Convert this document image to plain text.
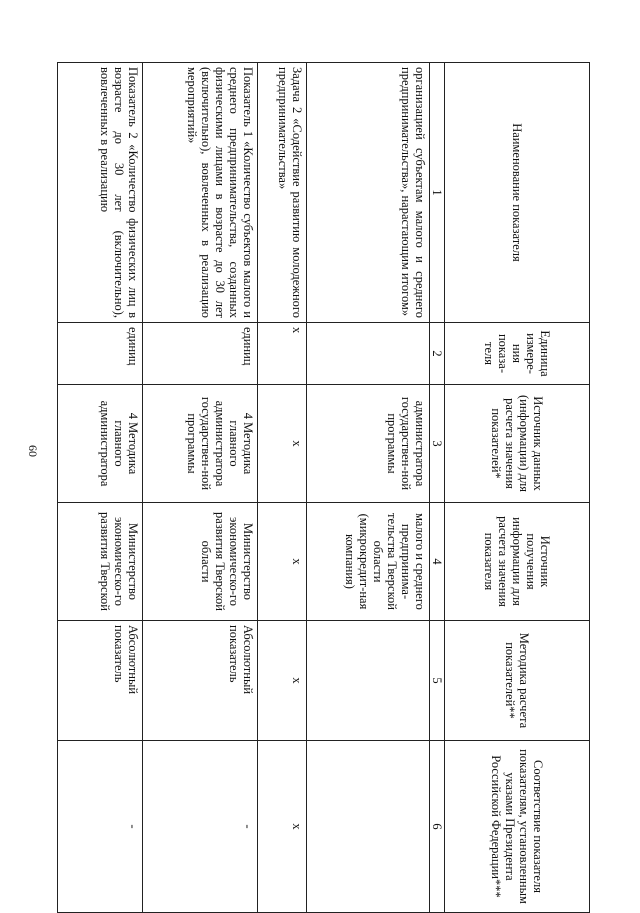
60
Наименование показателя	Единица измере-ния показа-теля	Источник данных (информации) для расчета значения показателей*	Источник получения информации для расчета значения показателя	Методика расчета показателей**	Соответствие показателя показателям, установленным указами Президента Российской Федерации***
1	2	3	4	5	6
организацией субъектам малого и среднего предпринимательства», нарастающим итогом»		администратора государствен-ной программы	малого и среднего предпринима-тельства Тверской области (микрокредит-ная компания)		
Задача 2 «Содействие развитию молодежного предпринимательства»	х	х	х	х	х
Показатель 1 «Количество субъектов малого и среднего предпринимательства, созданных физическими лицами в возрасте до 30 лет (включительно), вовлеченных в реализацию мероприятий»	единиц	4 Методика главного администратора государствен-ной программы	Министерство экономическо-го развития Тверской области	Абсолютный показатель	-
Показатель 2 «Количество физических лиц в возрасте до 30 лет (включительно), вовлеченных в реализацию	единиц	4 Методика главного администратора	Министерство экономическо-го развития Тверской	Абсолютный показатель	-
